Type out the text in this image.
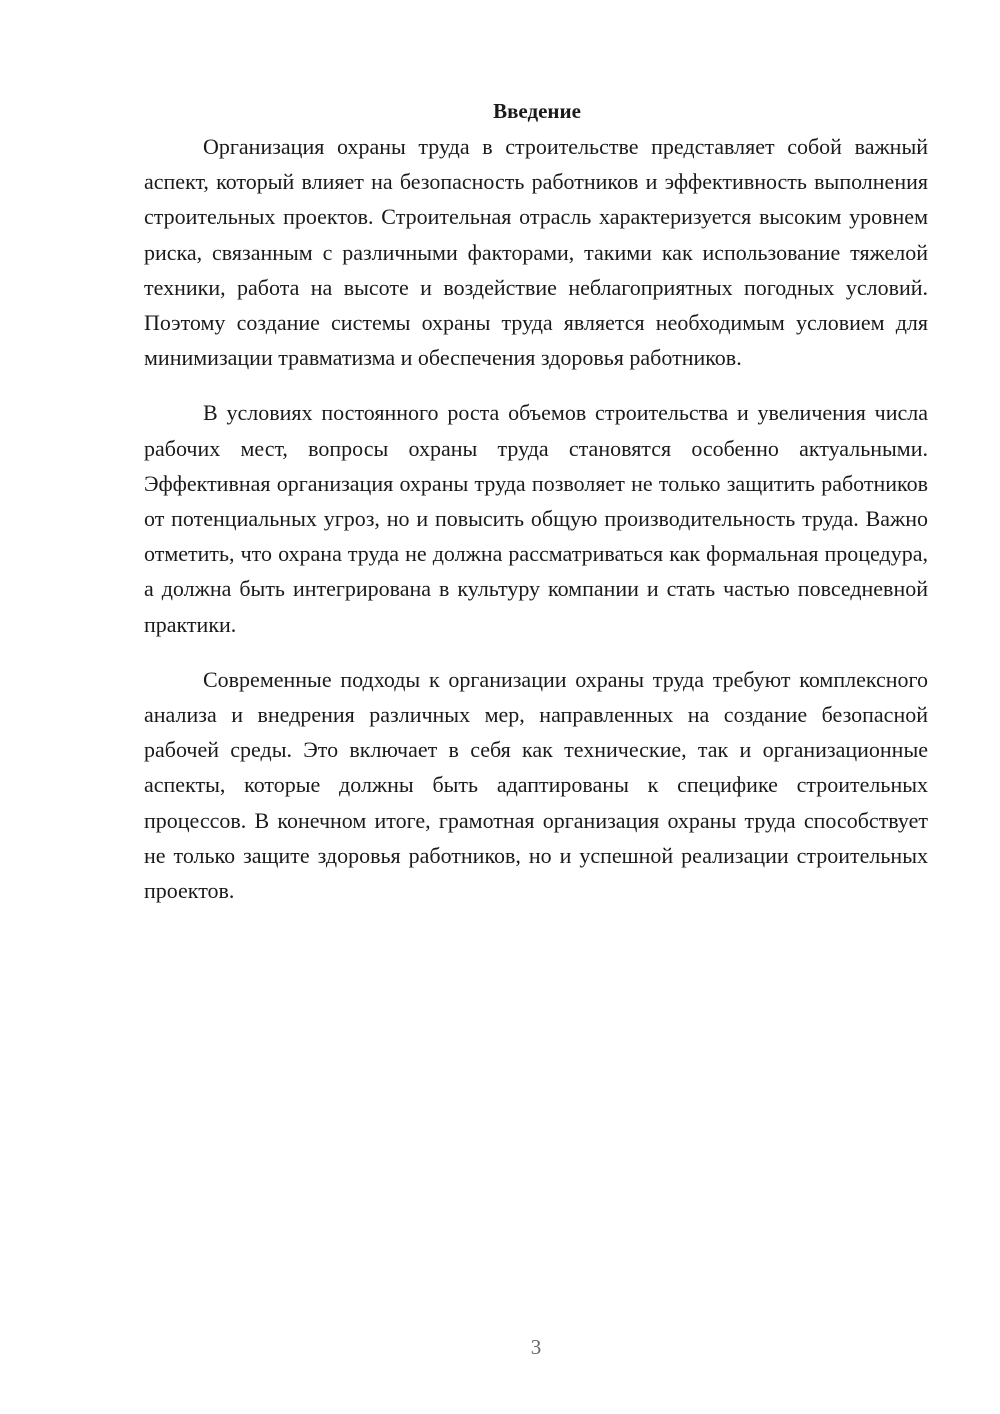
Введение

Организация охраны труда в строительстве представляет собой важный аспект, который влияет на безопасность работников и эффективность выполнения строительных проектов. Строительная отрасль характеризуется высоким уровнем риска, связанным с различными факторами, такими как использование тяжелой техники, работа на высоте и воздействие неблагоприятных погодных условий. Поэтому создание системы охраны труда является необходимым условием для минимизации травматизма и обеспечения здоровья работников.

В условиях постоянного роста объемов строительства и увеличения числа рабочих мест, вопросы охраны труда становятся особенно актуальными. Эффективная организация охраны труда позволяет не только защитить работников от потенциальных угроз, но и повысить общую производительность труда. Важно отметить, что охрана труда не должна рассматриваться как формальная процедура, а должна быть интегрирована в культуру компании и стать частью повседневной практики.

Современные подходы к организации охраны труда требуют комплексного анализа и внедрения различных мер, направленных на создание безопасной рабочей среды. Это включает в себя как технические, так и организационные аспекты, которые должны быть адаптированы к специфике строительных процессов. В конечном итоге, грамотная организация охраны труда способствует не только защите здоровья работников, но и успешной реализации строительных проектов.

3
